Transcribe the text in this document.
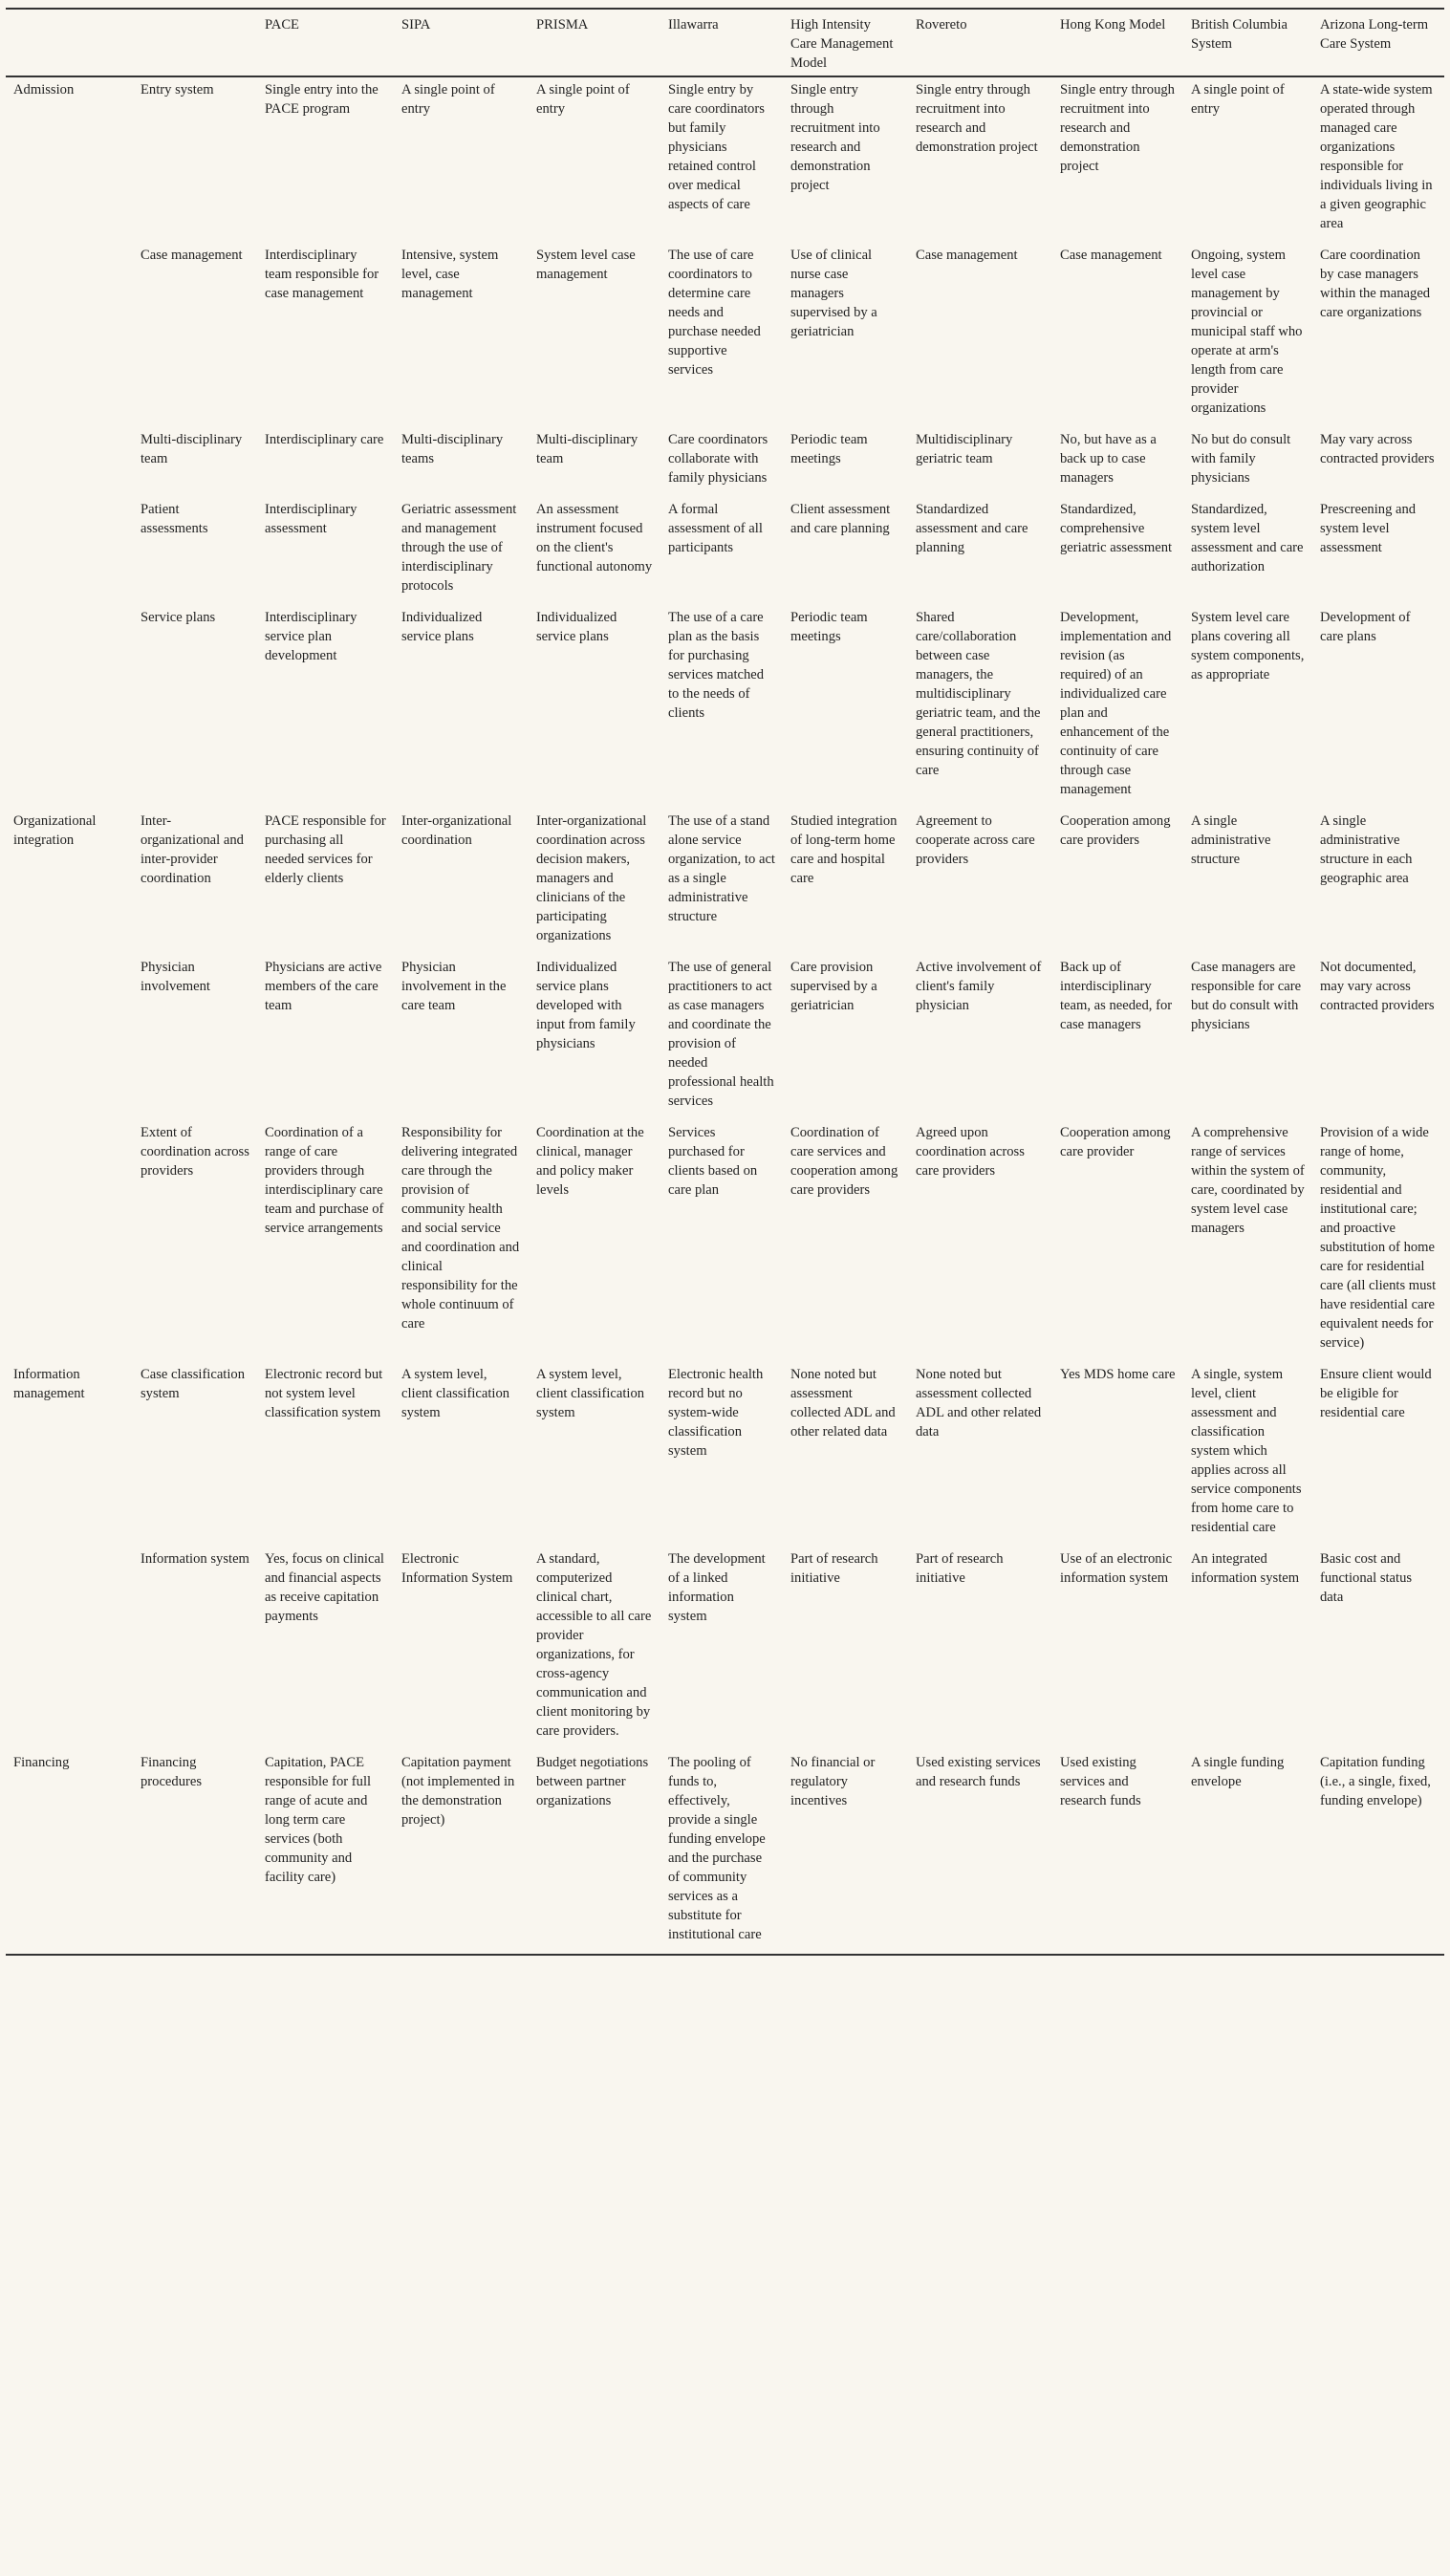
		PACE	SIPA	PRISMA	Illawarra	High Intensity Care Management Model	Rovereto	Hong Kong Model	British Columbia System	Arizona Long-term Care System
Admission	Entry system	Single entry into the PACE program	A single point of entry	A single point of entry	Single entry by care coordinators but family physicians retained control over medical aspects of care	Single entry through recruitment into research and demonstration project	Single entry through recruitment into research and demonstration project	Single entry through recruitment into research and demonstration project	A single point of entry	A state-wide system operated through managed care organizations responsible for individuals living in a given geographic area
	Case management	Interdisciplinary team responsible for case management	Intensive, system level, case management	System level case management	The use of care coordinators to determine care needs and purchase needed supportive services	Use of clinical nurse case managers supervised by a geriatrician	Case management	Case management	Ongoing, system level case management by provincial or municipal staff who operate at arm's length from care provider organizations	Care coordination by case managers within the managed care organizations
	Multi-disciplinary team	Interdisciplinary care	Multi-disciplinary teams	Multi-disciplinary team	Care coordinators collaborate with family physicians	Periodic team meetings	Multidisciplinary geriatric team	No, but have as a back up to case managers	No but do consult with family physicians	May vary across contracted providers
	Patient assessments	Interdisciplinary assessment	Geriatric assessment and management through the use of interdisciplinary protocols	An assessment instrument focused on the client's functional autonomy	A formal assessment of all participants	Client assessment and care planning	Standardized assessment and care planning	Standardized, comprehensive geriatric assessment	Standardized, system level assessment and care authorization	Prescreening and system level assessment
	Service plans	Interdisciplinary service plan development	Individualized service plans	Individualized service plans	The use of a care plan as the basis for purchasing services matched to the needs of clients	Periodic team meetings	Shared care/collaboration between case managers, the multidisciplinary geriatric team, and the general practitioners, ensuring continuity of care	Development, implementation and revision (as required) of an individualized care plan and enhancement of the continuity of care through case management	System level care plans covering all system components, as appropriate	Development of care plans
Organizational integration	Inter-organizational and inter-provider coordination	PACE responsible for purchasing all needed services for elderly clients	Inter-organizational coordination	Inter-organizational coordination across decision makers, managers and clinicians of the participating organizations	The use of a stand alone service organization, to act as a single administrative structure	Studied integration of long-term home care and hospital care	Agreement to cooperate across care providers	Cooperation among care providers	A single administrative structure	A single administrative structure in each geographic area
	Physician involvement	Physicians are active members of the care team	Physician involvement in the care team	Individualized service plans developed with input from family physicians	The use of general practitioners to act as case managers and coordinate the provision of needed professional health services	Care provision supervised by a geriatrician	Active involvement of client's family physician	Back up of interdisciplinary team, as needed, for case managers	Case managers are responsible for care but do consult with physicians	Not documented, may vary across contracted providers
	Extent of coordination across providers	Coordination of a range of care providers through interdisciplinary care team and purchase of service arrangements	Responsibility for delivering integrated care through the provision of community health and social service and coordination and clinical responsibility for the whole continuum of care	Coordination at the clinical, manager and policy maker levels	Services purchased for clients based on care plan	Coordination of care services and cooperation among care providers	Agreed upon coordination across care providers	Cooperation among care provider	A comprehensive range of services within the system of care, coordinated by system level case managers	Provision of a wide range of home, community, residential and institutional care; and proactive substitution of home care for residential care (all clients must have residential care equivalent needs for service)
Information management	Case classification system	Electronic record but not system level classification system	A system level, client classification system	A system level, client classification system	Electronic health record but no system-wide classification system	None noted but assessment collected ADL and other related data	None noted but assessment collected ADL and other related data	Yes MDS home care	A single, system level, client assessment and classification system which applies across all service components from home care to residential care	Ensure client would be eligible for residential care
	Information system	Yes, focus on clinical and financial aspects as receive capitation payments	Electronic Information System	A standard, computerized clinical chart, accessible to all care provider organizations, for cross-agency communication and client monitoring by care providers.	The development of a linked information system	Part of research initiative	Part of research initiative	Use of an electronic information system	An integrated information system	Basic cost and functional status data
Financing	Financing procedures	Capitation, PACE responsible for full range of acute and long term care services (both community and facility care)	Capitation payment (not implemented in the demonstration project)	Budget negotiations between partner organizations	The pooling of funds to, effectively, provide a single funding envelope and the purchase of community services as a substitute for institutional care	No financial or regulatory incentives	Used existing services and research funds	Used existing services and research funds	A single funding envelope	Capitation funding (i.e., a single, fixed, funding envelope)
